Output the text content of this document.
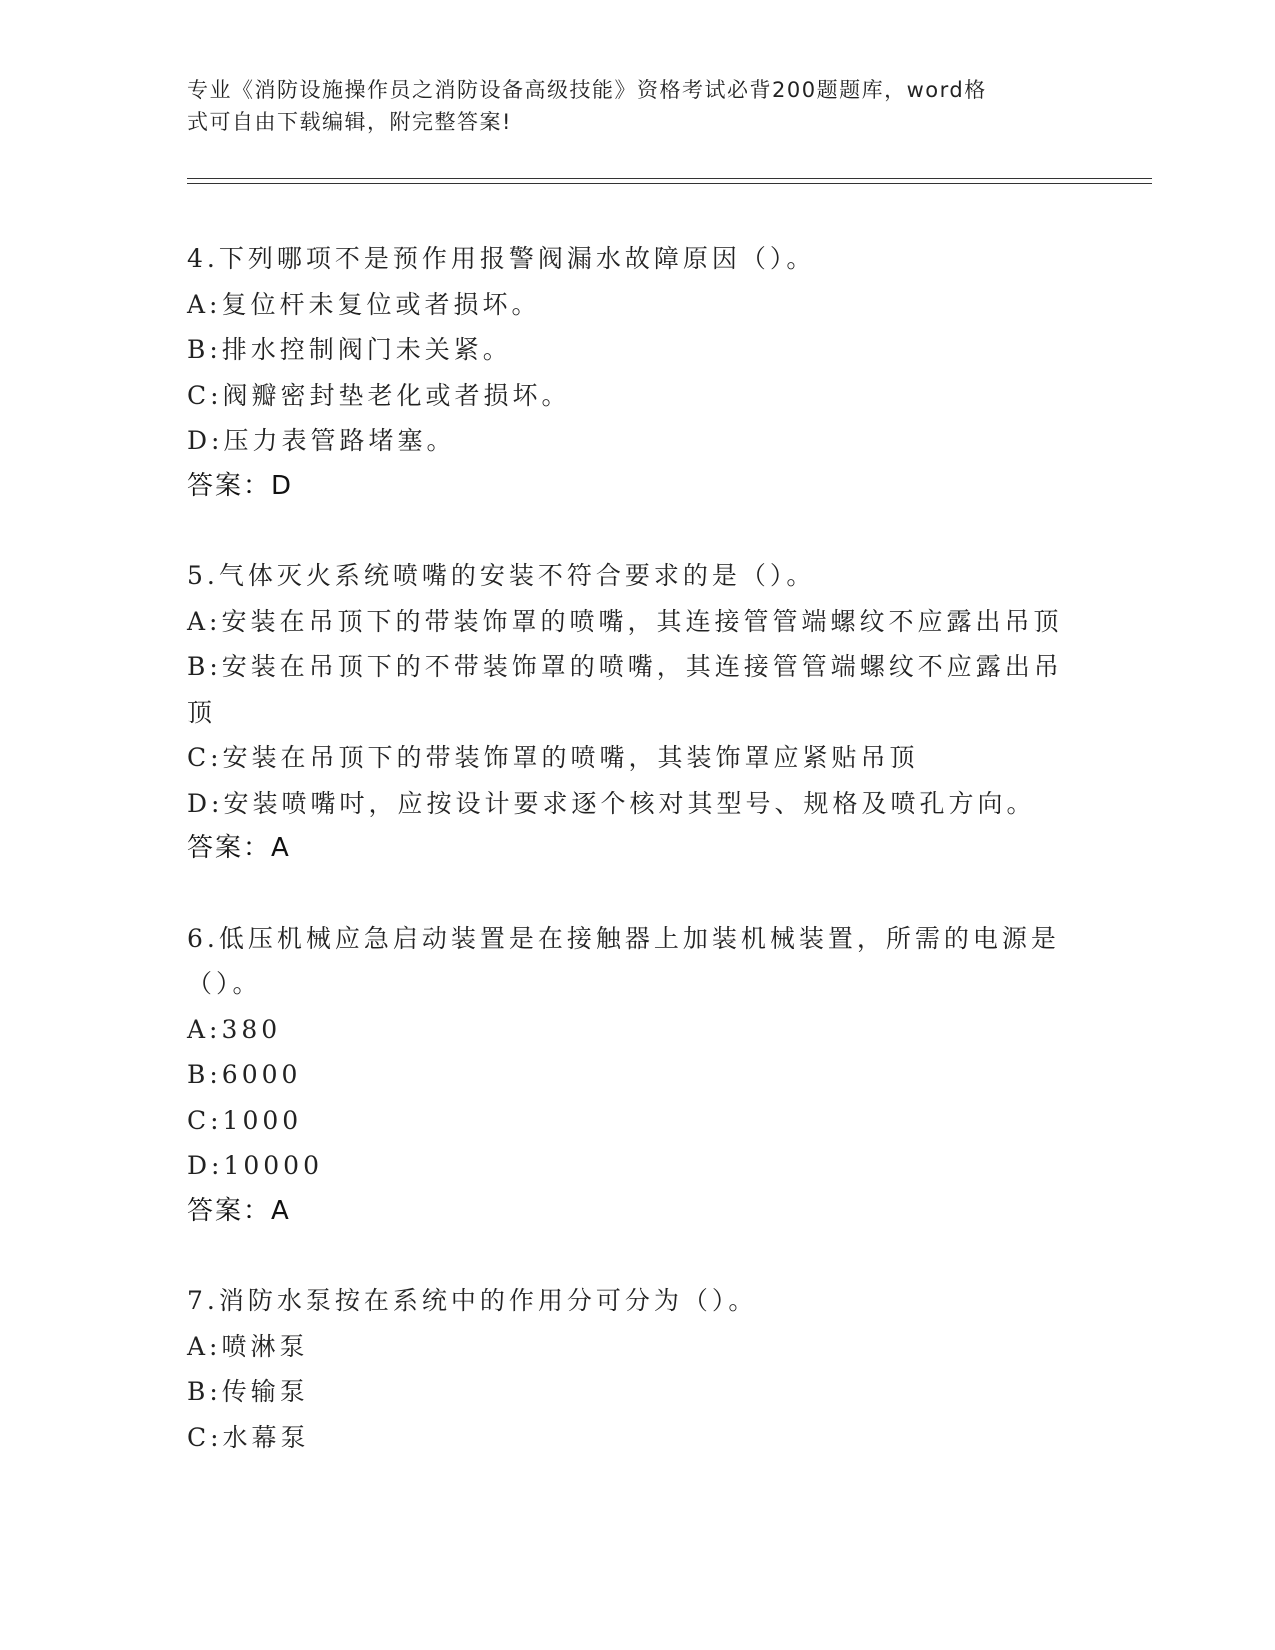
专业《消防设施操作员之消防设备高级技能》资格考试必背200题题库，word格
式可自由下载编辑，附完整答案!
4.下列哪项不是预作用报警阀漏水故障原因（）。
A:复位杆未复位或者损坏。
B:排水控制阀门未关紧。
C:阀瓣密封垫老化或者损坏。
D:压力表管路堵塞。
答案：D
5.气体灭火系统喷嘴的安装不符合要求的是（）。
A:安装在吊顶下的带装饰罩的喷嘴，其连接管管端螺纹不应露出吊顶
B:安装在吊顶下的不带装饰罩的喷嘴，其连接管管端螺纹不应露出吊顶
C:安装在吊顶下的带装饰罩的喷嘴，其装饰罩应紧贴吊顶
D:安装喷嘴吋，应按设计要求逐个核对其型号、规格及喷孔方向。
答案：A
6.低压机械应急启动装置是在接触器上加装机械装置，所需的电源是（）。
A:380
B:6000
C:1000
D:10000
答案：A
7.消防水泵按在系统中的作用分可分为（）。
A:喷淋泵
B:传输泵
C:水幕泵
